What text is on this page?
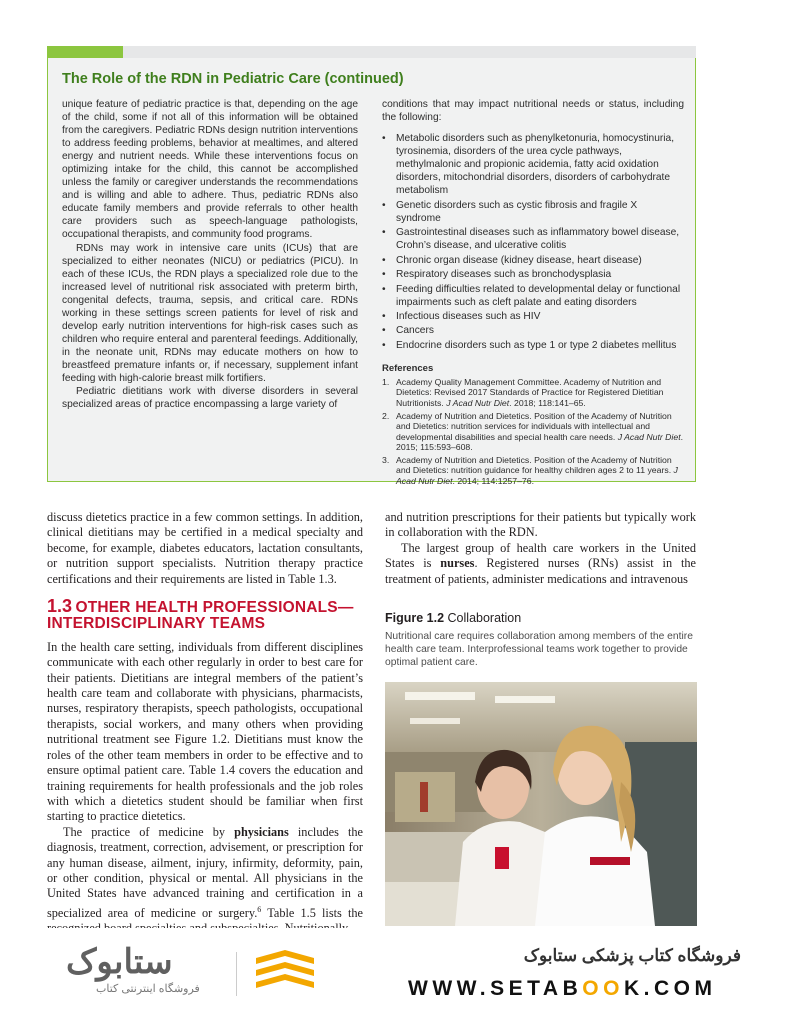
The Role of the RDN in Pediatric Care (continued)

unique feature of pediatric practice is that, depending on the age of the child, some if not all of this information will be obtained from the caregivers. Pediatric RDNs design nutrition interventions to address feeding problems, behavior at mealtimes, and altered energy and nutrient needs. While these interventions focus on optimizing intake for the child, this cannot be accomplished unless the family or caregiver understands the recommendations and is willing and able to adhere. Thus, pediatric RDNs also educate family members and provide referrals to other health care providers such as speech-language pathologists, occupational therapists, and community food programs.

RDNs may work in intensive care units (ICUs) that are specialized to either neonates (NICU) or pediatrics (PICU). In each of these ICUs, the RDN plays a specialized role due to the increased level of nutritional risk associated with preterm birth, congenital defects, trauma, sepsis, and critical care. RDNs working in these settings screen patients for level of risk and develop early nutrition interventions for high-risk cases such as children who require enteral and parenteral feedings. Additionally, in the neonate unit, RDNs may educate mothers on how to breastfeed premature infants or, if necessary, supplement infant feeding with high-calorie breast milk fortifiers.

Pediatric dietitians work with diverse disorders in several specialized areas of practice encompassing a large variety of

conditions that may impact nutritional needs or status, including the following:

• Metabolic disorders such as phenylketonuria, homocystinuria, tyrosinemia, disorders of the urea cycle pathways, methylmalonic and propionic acidemia, fatty acid oxidation disorders, mitochondrial disorders, disorders of carbohydrate metabolism
• Genetic disorders such as cystic fibrosis and fragile X syndrome
• Gastrointestinal diseases such as inflammatory bowel disease, Crohn’s disease, and ulcerative colitis
• Chronic organ disease (kidney disease, heart disease)
• Respiratory diseases such as bronchodysplasia
• Feeding difficulties related to developmental delay or functional impairments such as cleft palate and eating disorders
• Infectious diseases such as HIV
• Cancers
• Endocrine disorders such as type 1 or type 2 diabetes mellitus
References
1. Academy Quality Management Committee. Academy of Nutrition and Dietetics: Revised 2017 Standards of Practice for Registered Dietitian Nutritionists. J Acad Nutr Diet. 2018; 118:141–65.
2. Academy of Nutrition and Dietetics. Position of the Academy of Nutrition and Dietetics: nutrition services for individuals with intellectual and developmental disabilities and special health care needs. J Acad Nutr Diet. 2015; 115:593–608.
3. Academy of Nutrition and Dietetics. Position of the Academy of Nutrition and Dietetics: nutrition guidance for healthy children ages 2 to 11 years. J Acad Nutr Diet. 2014; 114:1257–76.

discuss dietetics practice in a few common settings. In addition, clinical dietitians may be certified in a medical specialty and become, for example, diabetes educators, lactation consultants, or nutrition support specialists. Nutrition therapy practice certifications and their requirements are listed in Table 1.3.

1.3 OTHER HEALTH PROFESSIONALS—
INTERDISCIPLINARY TEAMS

In the health care setting, individuals from different disciplines communicate with each other regularly in order to best care for their patients. Dietitians are integral members of the patient’s health care team and collaborate with physicians, pharmacists, nurses, respiratory therapists, speech pathologists, occupational therapists, social workers, and many others when providing nutritional treatment see Figure 1.2. Dietitians must know the roles of the other team members in order to be effective and to ensure optimal patient care. Table 1.4 covers the education and training requirements for health professionals and the job roles with which a dietetics student should be familiar when first starting to practice dietetics.

The practice of medicine by physicians includes the diagnosis, treatment, correction, advisement, or prescription for any human disease, ailment, injury, infirmity, deformity, pain, or other condition, physical or mental. All physicians in the United States have advanced training and certification in a specialized area of medicine or surgery.$^6$ Table 1.5 lists the

and nutrition prescriptions for their patients but typically work in collaboration with the RDN.

The largest group of health care workers in the United States is nurses. Registered nurses (RNs) assist in the treatment of patients, administer medications and intravenous

Figure 1.2 Collaboration
Nutritional care requires collaboration among members of the entire health care team. Interprofessional teams work together to provide optimal patient care.
ستابوک
فروشگاه اینترنتی کتاب
فروشگاه کتاب پزشکی ستابوک
WWW.SETABOOK.COM
